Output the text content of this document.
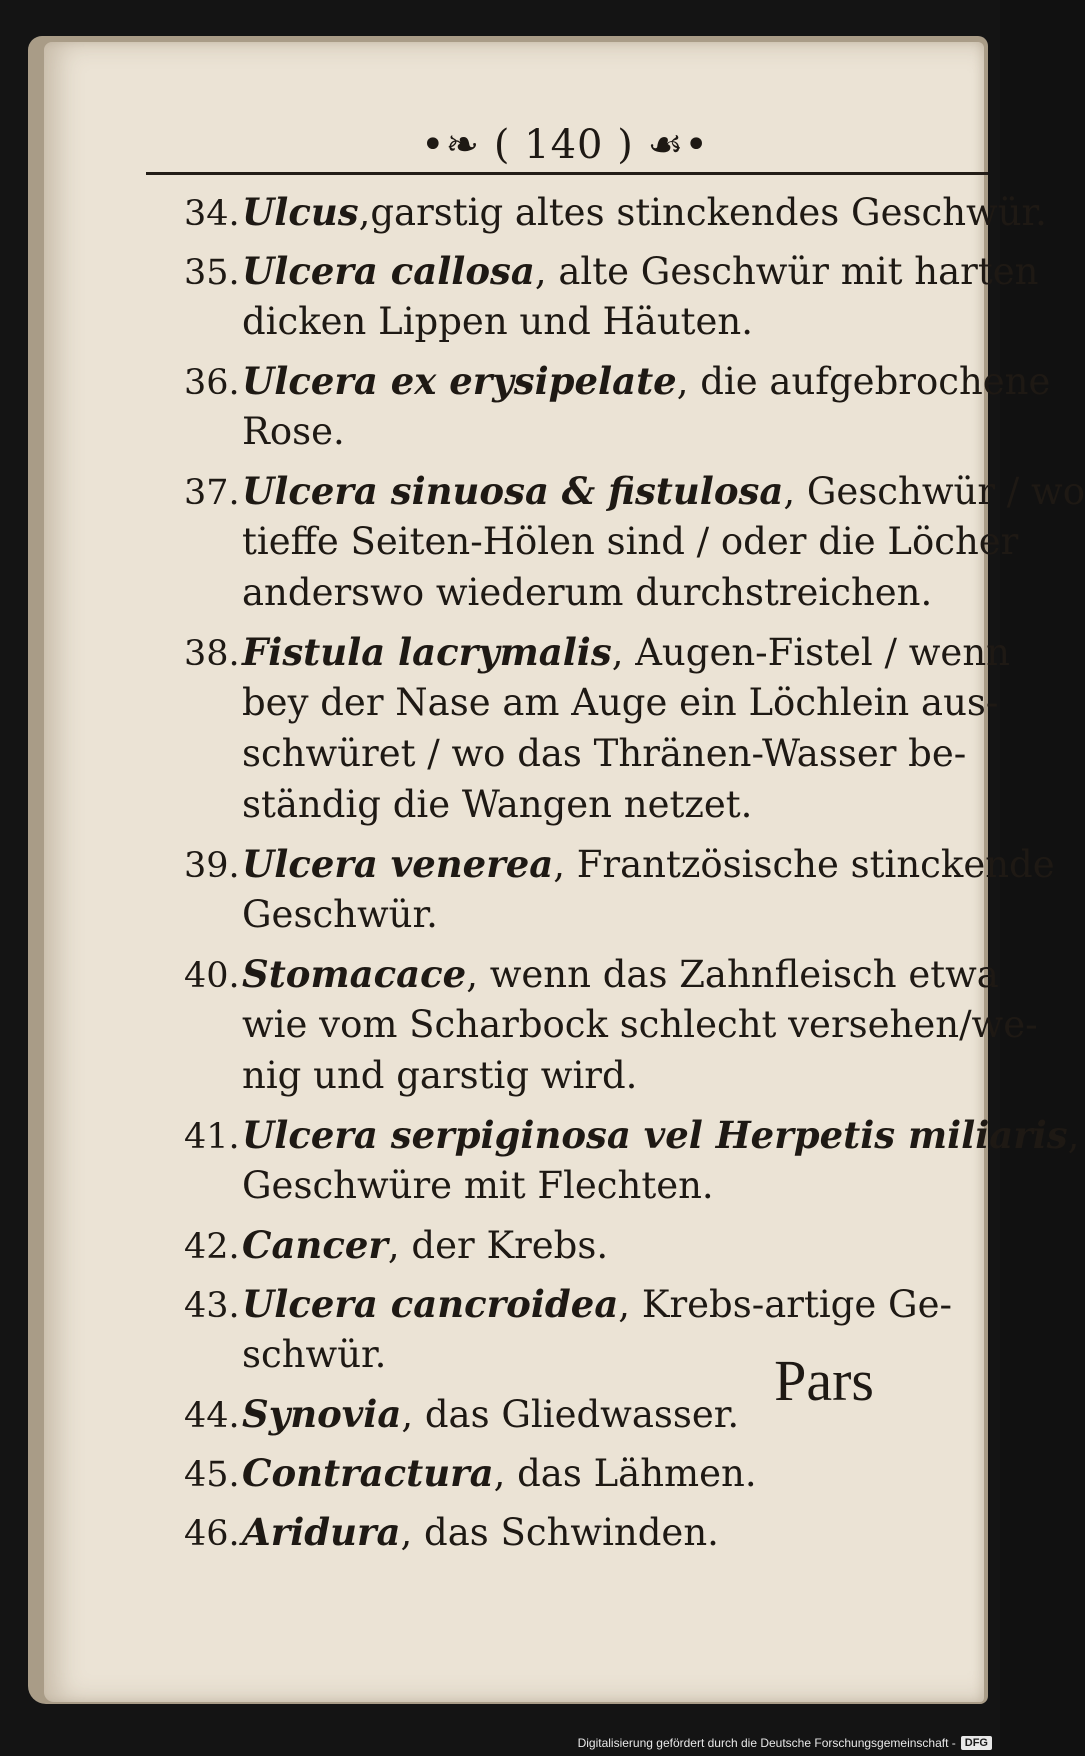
•❧ ( 140 ) ☙•
34.Ulcus,garstig altes stinckendes Geschwür.
35.Ulcera callosa, alte Geschwür mit harten
dicken Lippen und Häuten.
36.Ulcera ex erysipelate, die aufgebrochene
Rose.
37.Ulcera sinuosa & fistulosa, Geschwür / wo
tieffe Seiten-Hölen sind / oder die Löcher
anderswo wiederum durchstreichen.
38.Fistula lacrymalis, Augen-Fistel / wenn
bey der Nase am Auge ein Löchlein aus-
schwüret / wo das Thränen-Wasser be-
ständig die Wangen netzet.
39.Ulcera venerea, Frantzösische stinckende
Geschwür.
40.Stomacace, wenn das Zahnfleisch etwa
wie vom Scharbock schlecht versehen/we-
nig und garstig wird.
41.Ulcera serpiginosa vel Herpetis miliaris,
Geschwüre mit Flechten.
42.Cancer, der Krebs.
43.Ulcera cancroidea, Krebs-artige Ge-
schwür.
44.Synovia, das Gliedwasser.
45.Contractura, das Lähmen.
46.Aridura, das Schwinden.
Pars
Digitalisierung gefördert durch die Deutsche Forschungsgemeinschaft - DFG
